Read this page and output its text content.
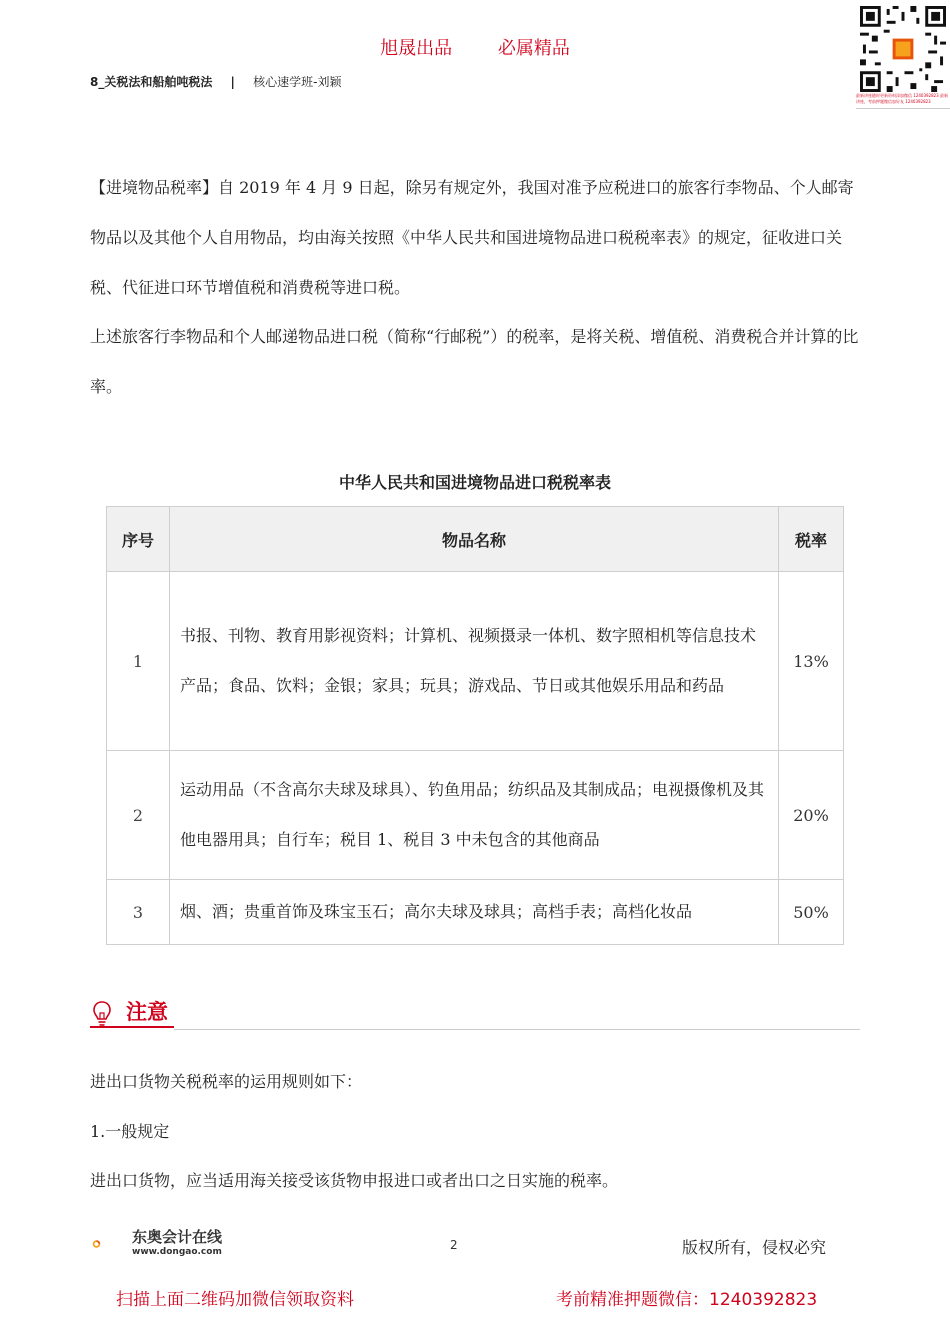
旭晟出品	必属精品
8_关税法和船舶吨税法 | 核心速学班-刘颖
最新讲座随时更新资料添加微信 1240392823 最新讲座，考前押题微信加好友 1240392823
【进境物品税率】自 2019 年 4 月 9 日起，除另有规定外，我国对准予应税进口的旅客行李物品、个人邮寄物品以及其他个人自用物品，均由海关按照《中华人民共和国进境物品进口税税率表》的规定，征收进口关税、代征进口环节增值税和消费税等进口税。
上述旅客行李物品和个人邮递物品进口税（简称“行邮税”）的税率，是将关税、增值税、消费税合并计算的比率。
中华人民共和国进境物品进口税税率表
序号	物品名称	税率
1	书报、刊物、教育用影视资料；计算机、视频摄录一体机、数字照相机等信息技术产品；食品、饮料；金银；家具；玩具；游戏品、节日或其他娱乐用品和药品	13%
2	运动用品（不含高尔夫球及球具）、钓鱼用品；纺织品及其制成品；电视摄像机及其他电器用具；自行车；税目 1、税目 3 中未包含的其他商品	20%
3	烟、酒；贵重首饰及珠宝玉石；高尔夫球及球具；高档手表；高档化妆品	50%
注意
进出口货物关税税率的运用规则如下：
1.一般规定
进出口货物，应当适用海关接受该货物申报进口或者出口之日实施的税率。
东奥会计在线
www.dongao.com	2	版权所有，侵权必究
扫描上面二维码加微信领取资料	考前精准押题微信：1240392823
